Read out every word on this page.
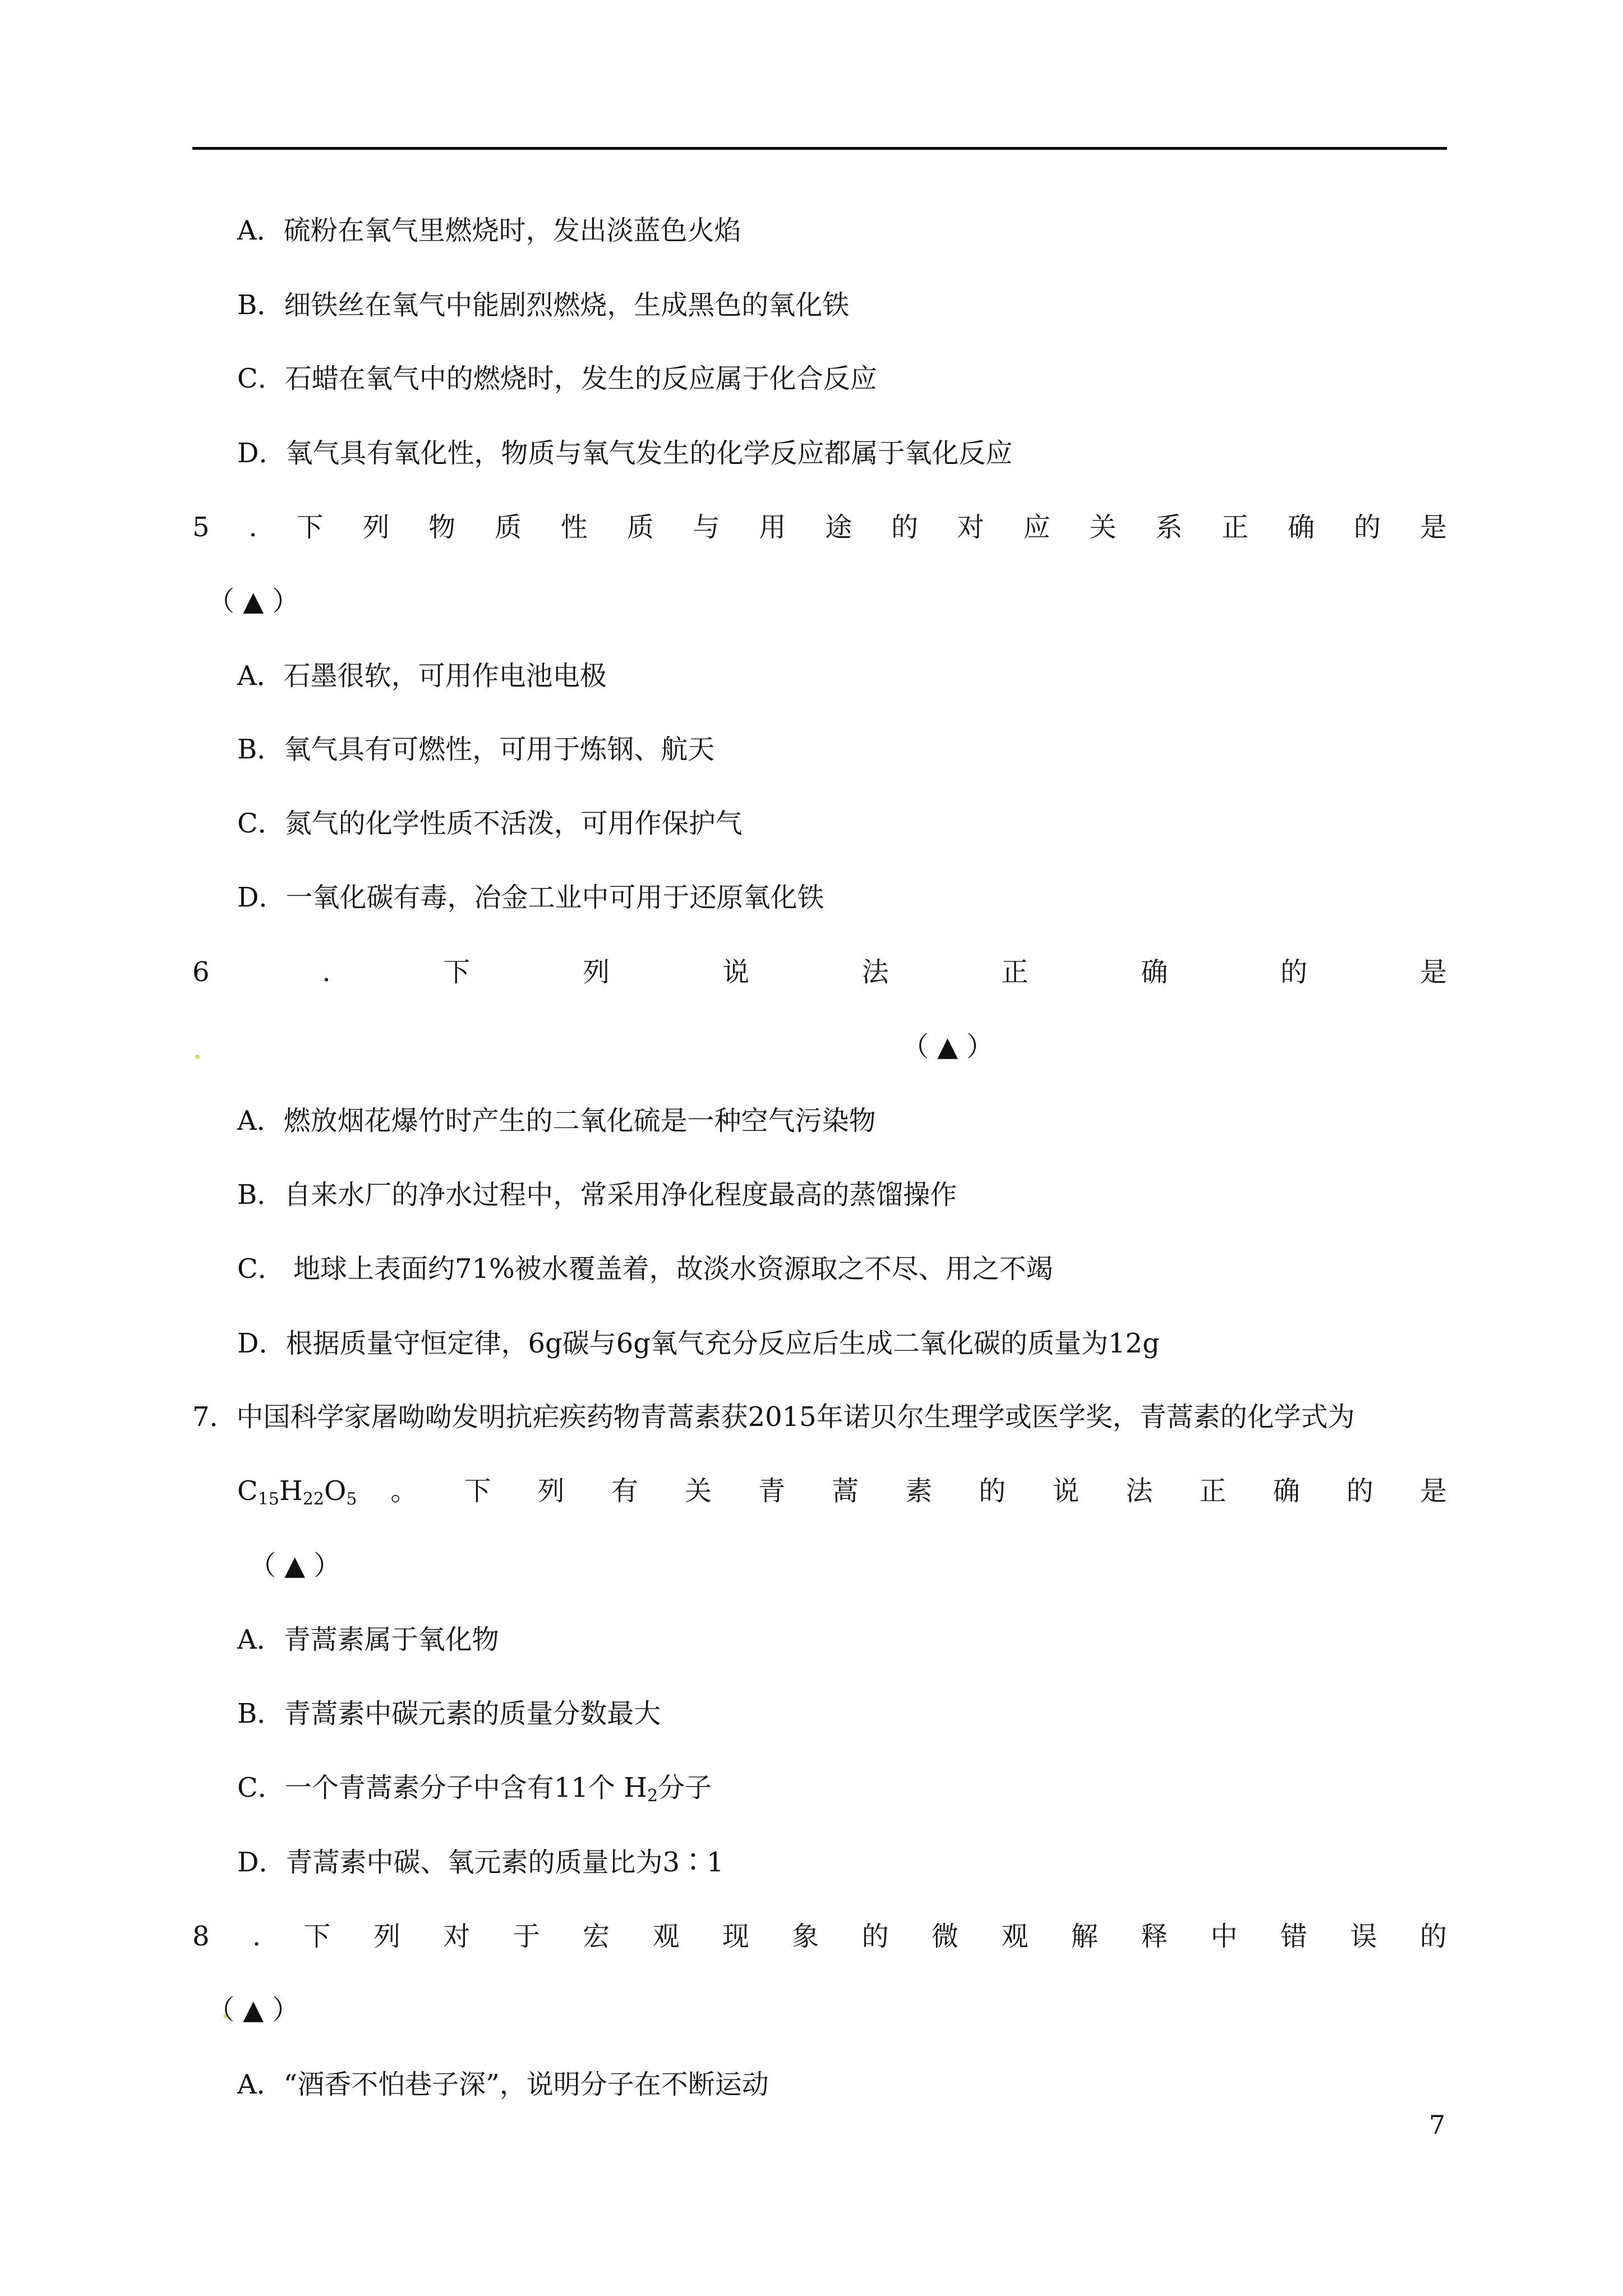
A．硫粉在氧气里燃烧时，发出淡蓝色火焰
B．细铁丝在氧气中能剧烈燃烧，生成黑色的氧化铁
C．石蜡在氧气中的燃烧时，发生的反应属于化合反应
D．氧气具有氧化性，物质与氧气发生的化学反应都属于氧化反应
5 . 下 列 物 质 性 质 与 用 途 的 对 应 关 系 正 确 的 是
（ ▲ ）
A．石墨很软，可用作电池电极
B．氧气具有可燃性，可用于炼钢、航天
C．氮气的化学性质不活泼，可用作保护气
D．一氧化碳有毒，冶金工业中可用于还原氧化铁
6	.	下	列	说	法	正	确	的	是
（ ▲ ）
A．燃放烟花爆竹时产生的二氧化硫是一种空气污染物
B．自来水厂的净水过程中，常采用净化程度最高的蒸馏操作
C． 地球上表面约71%被水覆盖着，故淡水资源取之不尽、用之不竭
D．根据质量守恒定律，6g碳与6g氧气充分反应后生成二氧化碳的质量为12g
7．中国科学家屠呦呦发明抗疟疾药物青蒿素获2015年诺贝尔生理学或医学奖，青蒿素的化学式为
$C_{15}H_{22}O_5$ 。 下 列 有 关 青 蒿 素 的 说 法 正 确 的 是
（ ▲ ）
A．青蒿素属于氧化物
B．青蒿素中碳元素的质量分数最大
C．一个青蒿素分子中含有11个 $H_2$分子
D．青蒿素中碳、氧元素的质量比为3∶1
8 . 下 列 对 于 宏 观 现 象 的 微 观 解 释 中 错 误 的
（ ▲ ）
A．“酒香不怕巷子深”，说明分子在不断运动
7
